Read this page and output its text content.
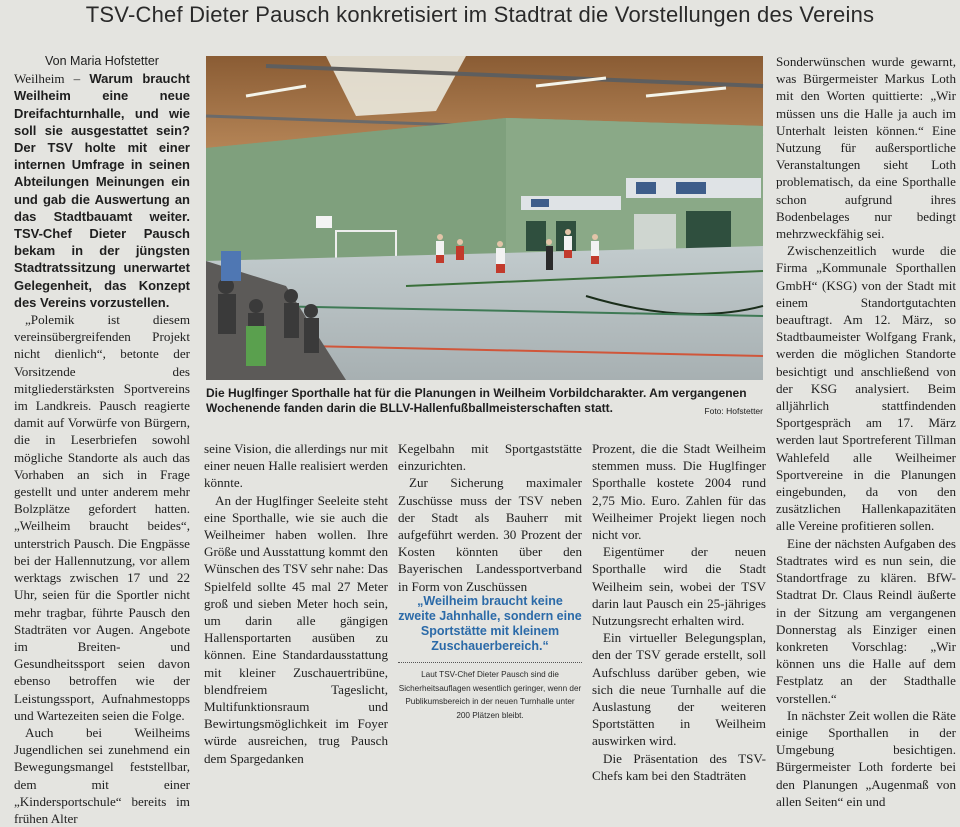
TSV-Chef Dieter Pausch konkretisiert im Stadtrat die Vorstellungen des Vereins

Von Maria Hofstetter

Weilheim – Warum braucht Weilheim eine neue Dreifachturnhalle, und wie soll sie ausgestattet sein? Der TSV holte mit einer internen Umfrage in seinen Abteilungen Meinungen ein und gab die Auswertung an das Stadtbauamt weiter. TSV-Chef Dieter Pausch bekam in der jüngsten Stadtratssitzung unerwartet Gelegenheit, das Konzept des Vereins vorzustellen.

„Polemik ist diesem vereinsübergreifenden Projekt nicht dienlich“, betonte der Vorsitzende des mitgliederstärksten Sportvereins im Landkreis. Pausch reagierte damit auf Vorwürfe von Bürgern, die in Leserbriefen sowohl mögliche Standorte als auch das Vorhaben an sich in Frage gestellt und unter anderem mehr Bolzplätze gefordert hatten. „Weilheim braucht beides“, unterstrich Pausch. Die Engpässe bei der Hallennutzung, vor allem werktags zwischen 17 und 22 Uhr, seien für die Sportler nicht mehr tragbar, führte Pausch den Stadträten vor Augen. Angebote im Breiten- und Gesundheitssport seien davon ebenso betroffen wie der Leistungssport, Aufnahmestopps und Wartezeiten seien die Folge.

Auch bei Weilheims Jugendlichen sei zunehmend ein Bewegungsmangel feststellbar, dem mit einer „Kindersportschule“ bereits im frühen Alter

Die Huglfinger Sporthalle hat für die Planungen in Weilheim Vorbildcharakter. Am vergangenen Wochenende fanden darin die BLLV-Hallenfußballmeisterschaften statt.	Foto: Hofstetter

seine Vision, die allerdings nur mit einer neuen Halle realisiert werden könnte.

An der Huglfinger Seeleite steht eine Sporthalle, wie sie auch die Weilheimer haben wollen. Ihre Größe und Ausstattung kommt den Wünschen des TSV sehr nahe: Das Spielfeld sollte 45 mal 27 Meter groß und sieben Meter hoch sein, um darin alle gängigen Hallensportarten ausüben zu können. Eine Standardausstattung mit kleiner Zuschauertribüne, blendfreiem Tageslicht, Multifunktionsraum und Bewirtungsmöglichkeit im Foyer würde ausreichen, trug Pausch dem Spargedanken

Kegelbahn mit Sportgaststätte einzurichten.

Zur Sicherung maximaler Zuschüsse muss der TSV neben der Stadt als Bauherr mit aufgeführt werden. 30 Prozent der Kosten könnten über den Bayerischen Landessportverband in Form von Zuschüssen

„Weilheim braucht keine zweite Jahnhalle, sondern eine Sportstätte mit kleinem Zuschauerbereich.“
Laut TSV-Chef Dieter Pausch sind die Sicherheitsauflagen wesentlich geringer, wenn der Publikumsbereich in der neuen Turnhalle unter 200 Plätzen bleibt.

Prozent, die die Stadt Weilheim stemmen muss. Die Huglfinger Sporthalle kostete 2004 rund 2,75 Mio. Euro. Zahlen für das Weilheimer Projekt liegen noch nicht vor.

Eigentümer der neuen Sporthalle wird die Stadt Weilheim sein, wobei der TSV darin laut Pausch ein 25-jähriges Nutzungsrecht erhalten wird.

Ein virtueller Belegungsplan, den der TSV gerade erstellt, soll Aufschluss darüber geben, wie sich die neue Turnhalle auf die Auslastung der weiteren Sportstätten in Weilheim auswirken wird.

Die Präsentation des TSV-Chefs kam bei den Stadträten

Sonderwünschen wurde gewarnt, was Bürgermeister Markus Loth mit den Worten quittierte: „Wir müssen uns die Halle ja auch im Unterhalt leisten können.“ Eine Nutzung für außersportliche Veranstaltungen sieht Loth problematisch, da eine Sporthalle schon aufgrund ihres Bodenbelages nur bedingt mehrzweckfähig sei.

Zwischenzeitlich wurde die Firma „Kommunale Sporthallen GmbH“ (KSG) von der Stadt mit einem Standortgutachten beauftragt. Am 12. März, so Stadtbaumeister Wolfgang Frank, werden die möglichen Standorte besichtigt und anschließend von der KSG analysiert. Beim alljährlich stattfindenden Sportgespräch am 17. März werden laut Sportreferent Tillman Wahlefeld alle Weilheimer Sportvereine in die Planungen eingebunden, da von den zusätzlichen Hallenkapazitäten alle Vereine profitieren sollen.

Eine der nächsten Aufgaben des Stadtrates wird es nun sein, die Standortfrage zu klären. BfW-Stadtrat Dr. Claus Reindl äußerte in der Sitzung am vergangenen Donnerstag als Einziger einen konkreten Vorschlag: „Wir können uns die Halle auf dem Festplatz an der Stadthalle vorstellen.“

In nächster Zeit wollen die Räte einige Sporthallen in der Umgebung besichtigen. Bürgermeister Loth forderte bei den Planungen „Augenmaß von allen Seiten“ ein und
